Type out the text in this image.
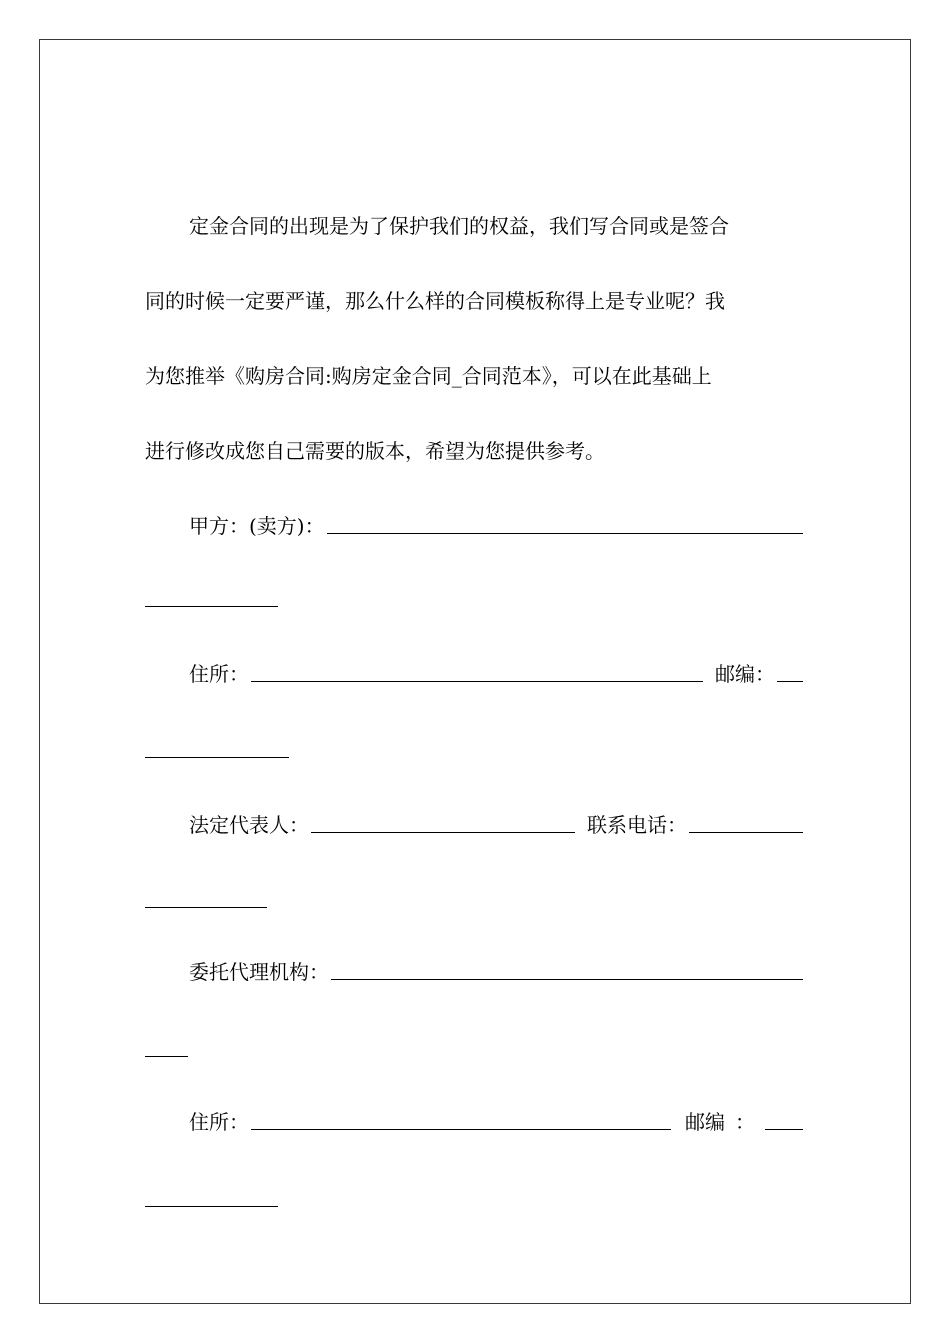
定金合同的出现是为了保护我们的权益，我们写合同或是签合
同的时候一定要严谨，那么什么样的合同模板称得上是专业呢？我
为您推举《购房合同:购房定金合同_合同范本》，可以在此基础上
进行修改成您自己需要的版本，希望为您提供参考。
甲方：(卖方)：
住所：	邮编：
法定代表人：	联系电话：
委托代理机构：
住所：	邮编 ：
